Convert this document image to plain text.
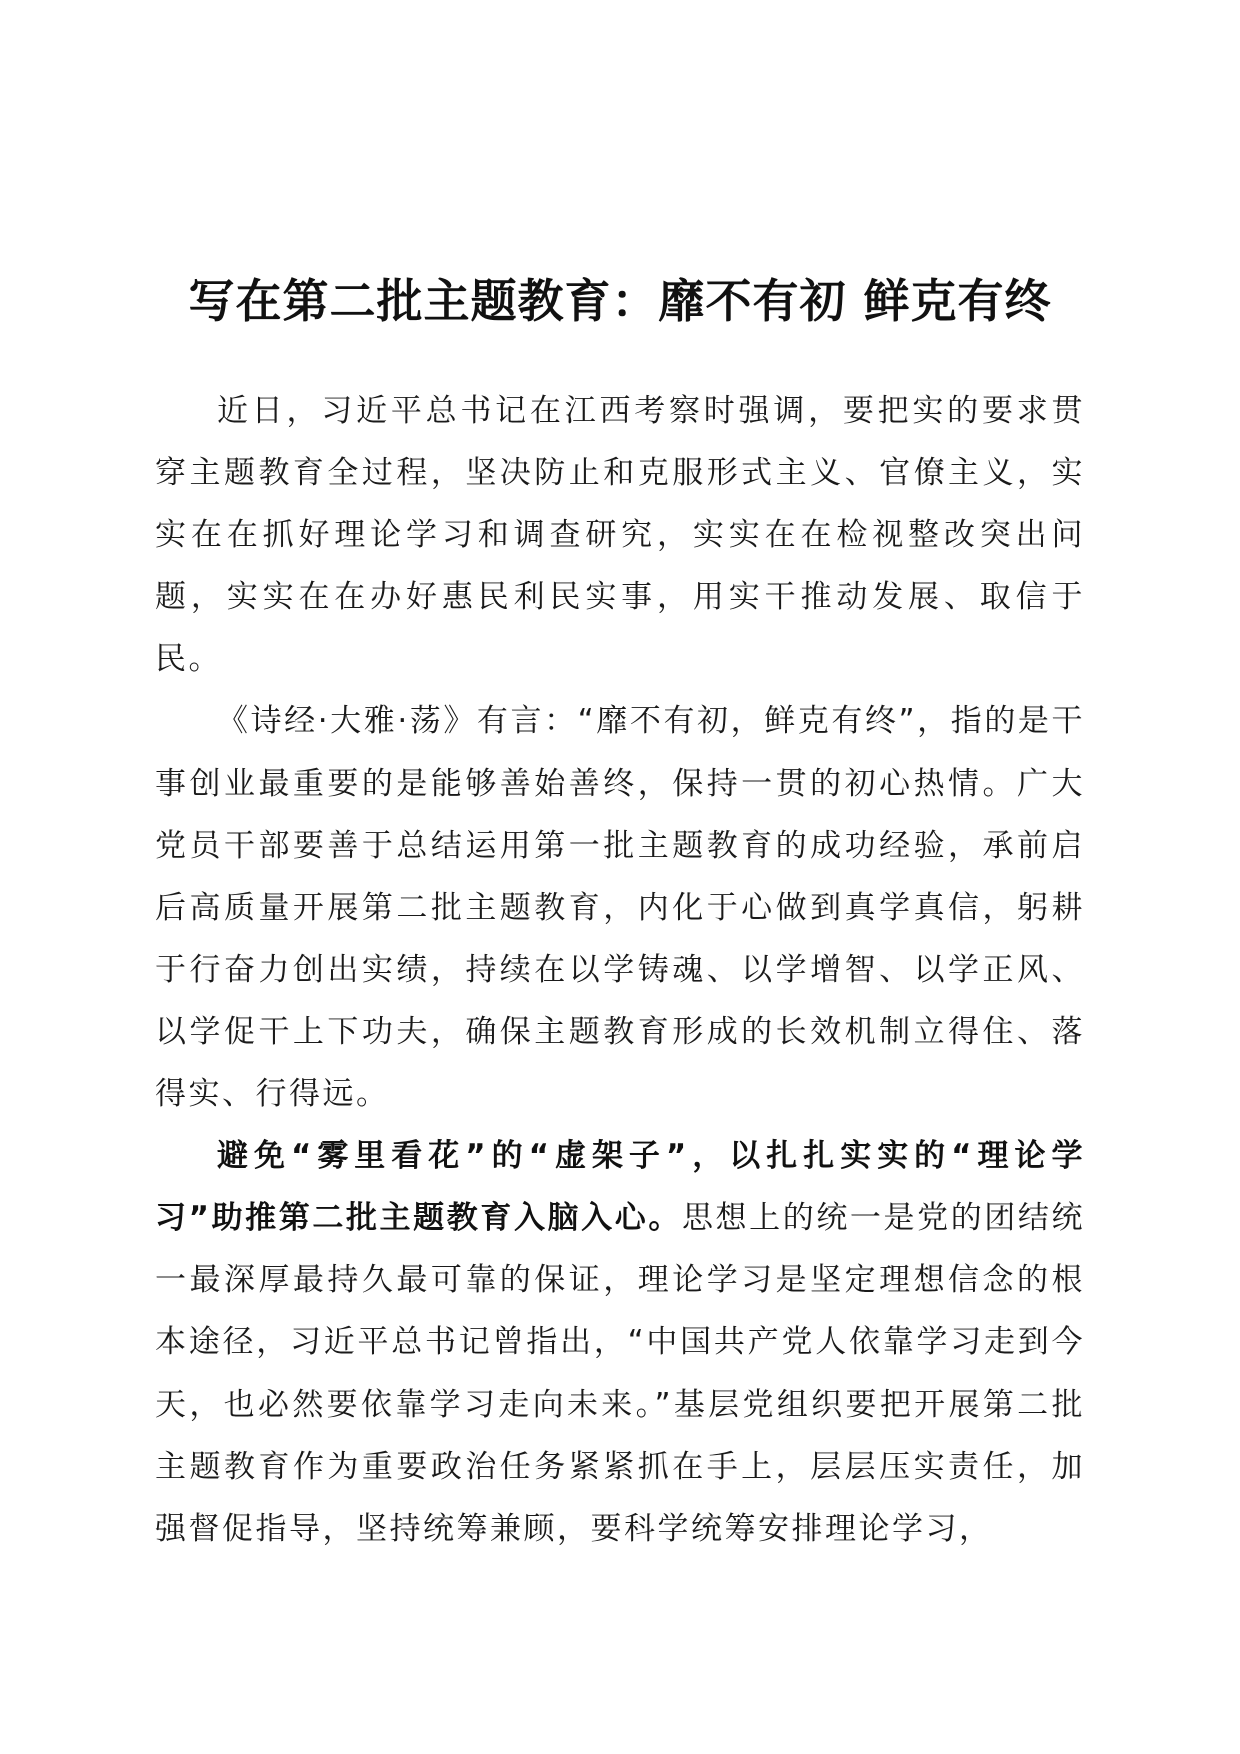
写在第二批主题教育：靡不有初 鲜克有终

近日，习近平总书记在江西考察时强调，要把实的要求贯穿主题教育全过程，坚决防止和克服形式主义、官僚主义，实实在在抓好理论学习和调查研究，实实在在检视整改突出问题，实实在在办好惠民利民实事，用实干推动发展、取信于民。

《诗经·大雅·荡》有言：“靡不有初，鲜克有终”，指的是干事创业最重要的是能够善始善终，保持一贯的初心热情。广大党员干部要善于总结运用第一批主题教育的成功经验，承前启后高质量开展第二批主题教育，内化于心做到真学真信，躬耕于行奋力创出实绩，持续在以学铸魂、以学增智、以学正风、以学促干上下功夫，确保主题教育形成的长效机制立得住、落得实、行得远。

避免“雾里看花”的“虚架子”，以扎扎实实的“理论学习”助推第二批主题教育入脑入心。思想上的统一是党的团结统一最深厚最持久最可靠的保证，理论学习是坚定理想信念的根本途径，习近平总书记曾指出，“中国共产党人依靠学习走到今天，也必然要依靠学习走向未来。”基层党组织要把开展第二批主题教育作为重要政治任务紧紧抓在手上，层层压实责任，加强督促指导，坚持统筹兼顾，要科学统筹安排理论学习，
